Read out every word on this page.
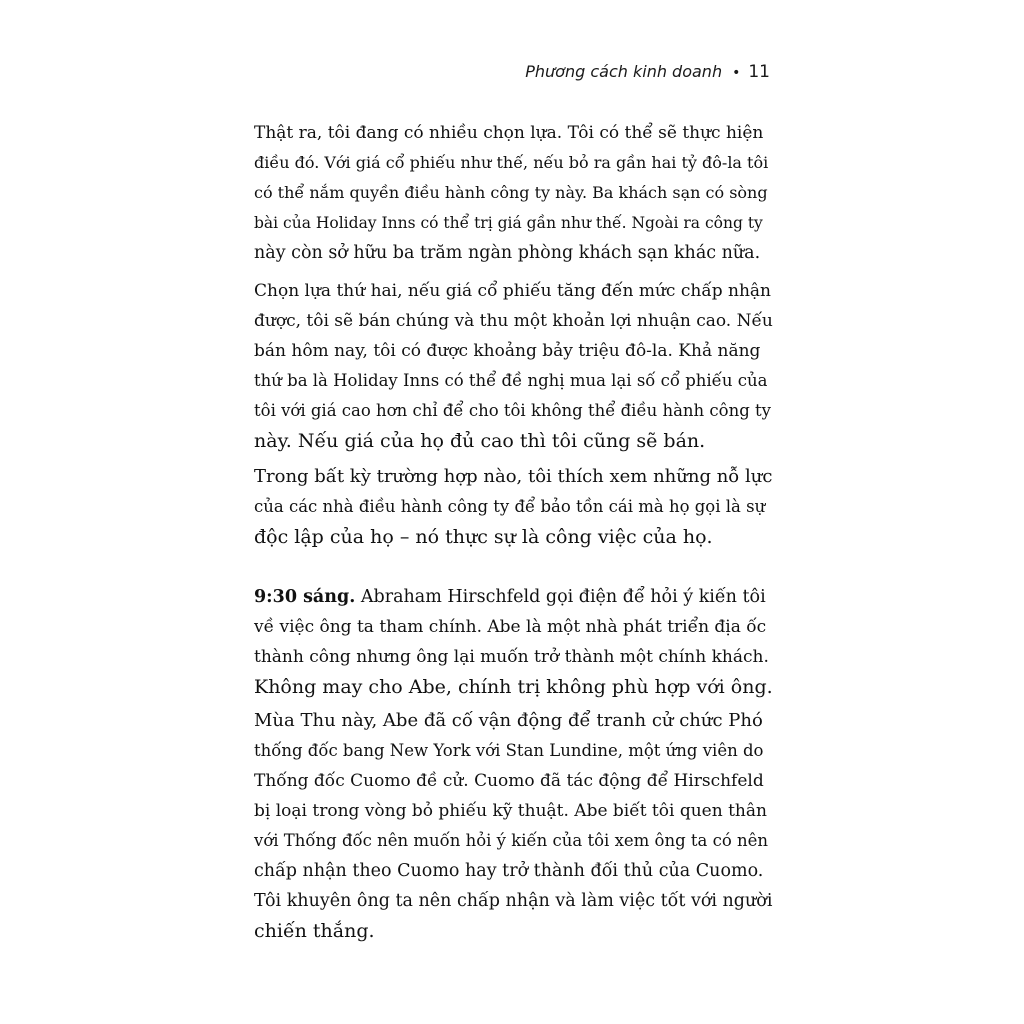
Phương cách kinh doanh • 11
Thật ra, tôi đang có nhiều chọn lựa. Tôi có thể sẽ thực hiện
điều đó. Với giá cổ phiếu như thế, nếu bỏ ra gần hai tỷ đô-la tôi
có thể nắm quyền điều hành công ty này. Ba khách sạn có sòng
bài của Holiday Inns có thể trị giá gần như thế. Ngoài ra công ty
này còn sở hữu ba trăm ngàn phòng khách sạn khác nữa.
Chọn lựa thứ hai, nếu giá cổ phiếu tăng đến mức chấp nhận
được, tôi sẽ bán chúng và thu một khoản lợi nhuận cao. Nếu
bán hôm nay, tôi có được khoảng bảy triệu đô-la. Khả năng
thứ ba là Holiday Inns có thể đề nghị mua lại số cổ phiếu của
tôi với giá cao hơn chỉ để cho tôi không thể điều hành công ty
này. Nếu giá của họ đủ cao thì tôi cũng sẽ bán.
Trong bất kỳ trường hợp nào, tôi thích xem những nỗ lực
của các nhà điều hành công ty để bảo tồn cái mà họ gọi là sự
độc lập của họ – nó thực sự là công việc của họ.
9:30 sáng. Abraham Hirschfeld gọi điện để hỏi ý kiến tôi
về việc ông ta tham chính. Abe là một nhà phát triển địa ốc
thành công nhưng ông lại muốn trở thành một chính khách.
Không may cho Abe, chính trị không phù hợp với ông.
Mùa Thu này, Abe đã cố vận động để tranh cử chức Phó
thống đốc bang New York với Stan Lundine, một ứng viên do
Thống đốc Cuomo đề cử. Cuomo đã tác động để Hirschfeld
bị loại trong vòng bỏ phiếu kỹ thuật. Abe biết tôi quen thân
với Thống đốc nên muốn hỏi ý kiến của tôi xem ông ta có nên
chấp nhận theo Cuomo hay trở thành đối thủ của Cuomo.
Tôi khuyên ông ta nên chấp nhận và làm việc tốt với người
chiến thắng.
